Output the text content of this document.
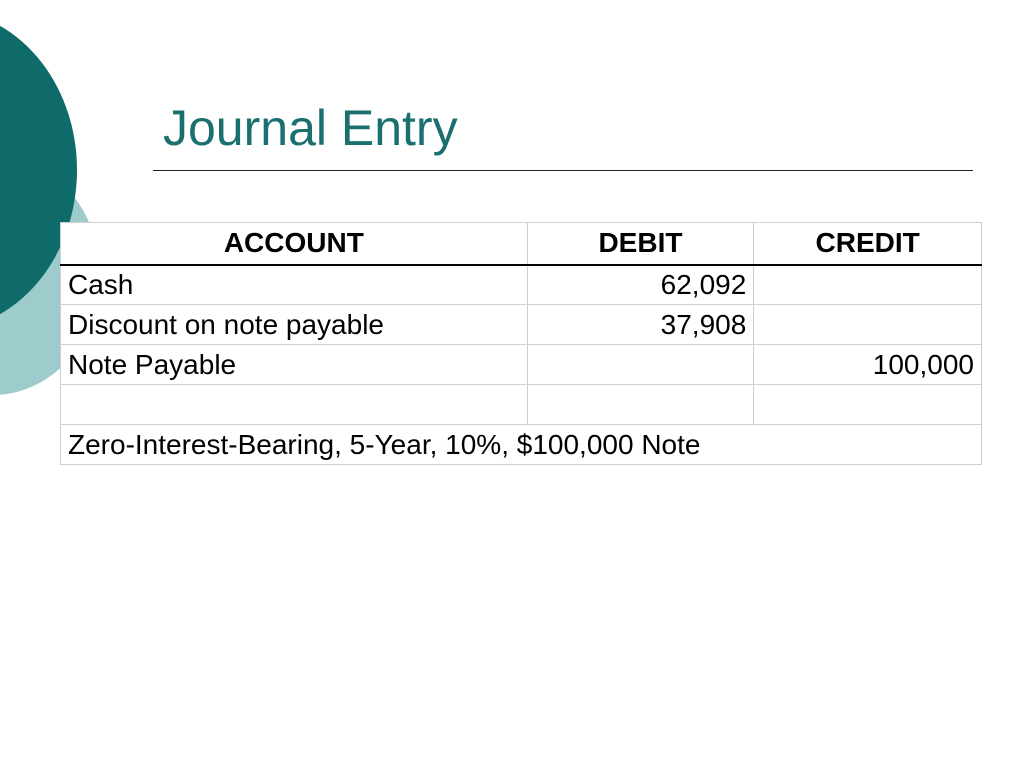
Journal Entry
ACCOUNT	DEBIT	CREDIT
Cash	62,092	
Discount on note payable	37,908	
Note Payable		100,000

Zero-Interest-Bearing, 5-Year, 10%, $100,000 Note		
